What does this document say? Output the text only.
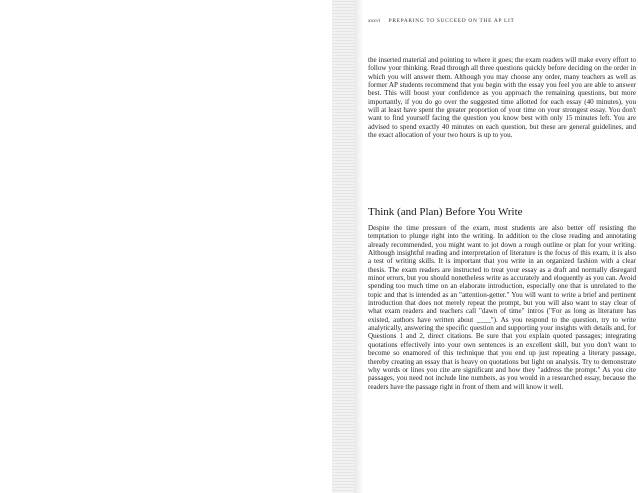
xxxvi PREPARING TO SUCCEED ON THE AP LIT
the inserted material and pointing to where it goes; the exam readers will make every effort to follow your thinking. Read through all three questions quickly before deciding on the order in which you will answer them. Although you may choose any order, many teachers as well as former AP students recommend that you begin with the essay you feel you are able to answer best. This will boost your confidence as you approach the remaining questions, but more importantly, if you do go over the suggested time allotted for each essay (40 minutes), you will at least have spent the greater proportion of your time on your strongest essay. You don't want to find yourself facing the question you know best with only 15 minutes left. You are advised to spend exactly 40 minutes on each question, but these are general guidelines, and the exact allocation of your two hours is up to you.
Think (and Plan) Before You Write
Despite the time pressure of the exam, most students are also better off resisting the temptation to plunge right into the writing. In addition to the close reading and annotating already recommended, you might want to jot down a rough outline or plan for your writing. Although insightful reading and interpretation of literature is the focus of this exam, it is also a test of writing skills. It is important that you write in an organized fashion with a clear thesis. The exam readers are instructed to treat your essay as a draft and normally disregard minor errors, but you should nonetheless write as accurately and eloquently as you can. Avoid spending too much time on an elaborate introduction, especially one that is unrelated to the topic and that is intended as an "attention-getter." You will want to write a brief and pertinent introduction that does not merely repeat the prompt, but you will also want to stay clear of what exam readers and teachers call "dawn of time" intros ("For as long as literature has existed, authors have written about ____"). As you respond to the question, try to write analytically, answering the specific question and supporting your insights with details and, for Questions 1 and 2, direct citations. Be sure that you explain quoted passages; integrating quotations effectively into your own sentences is an excellent skill, but you don't want to become so enamored of this technique that you end up just repeating a literary passage, thereby creating an essay that is heavy on quotations but light on analysis. Try to demonstrate why words or lines you cite are significant and how they "address the prompt." As you cite passages, you need not include line numbers, as you would in a researched essay, because the readers have the passage right in front of them and will know it well.
